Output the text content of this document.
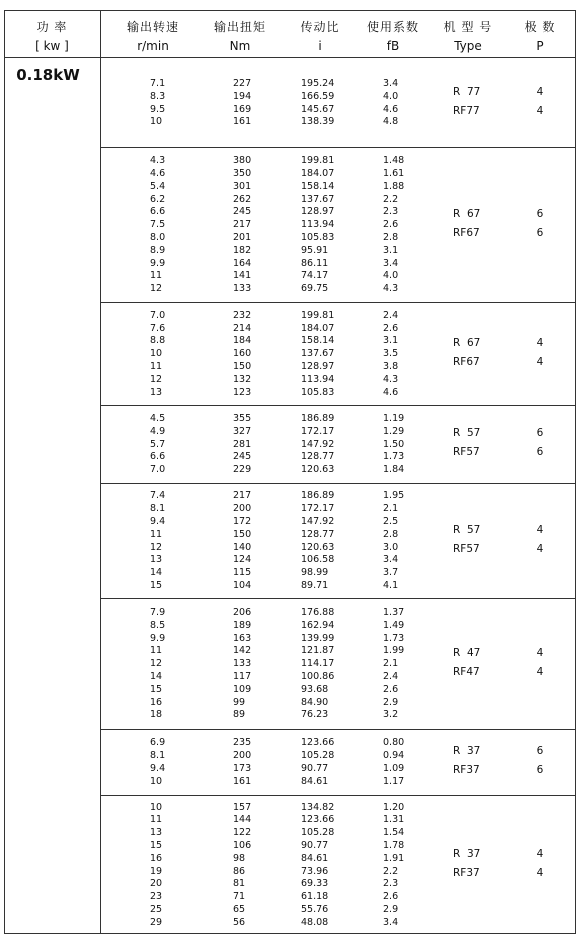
功 率
[ kw ]
输出转速
r/min
输出扭矩
Nm
传动比
i
使用系数
fB
机 型 号
Type
极 数
P
0.18kW	7.1
8.3
9.5
10
227
194
169
161
195.24
166.59
145.67
138.39
3.4
4.0
4.6
4.8
R  77
RF77
4
4
4.3
4.6
5.4
6.2
6.6
7.5
8.0
8.9
9.9
11
12
380
350
301
262
245
217
201
182
164
141
133
199.81
184.07
158.14
137.67
128.97
113.94
105.83
95.91
86.11
74.17
69.75
1.48
1.61
1.88
2.2
2.3
2.6
2.8
3.1
3.4
4.0
4.3
R  67
RF67
6
6
7.0
7.6
8.8
10
11
12
13
232
214
184
160
150
132
123
199.81
184.07
158.14
137.67
128.97
113.94
105.83
2.4
2.6
3.1
3.5
3.8
4.3
4.6
R  67
RF67
4
4
4.5
4.9
5.7
6.6
7.0
355
327
281
245
229
186.89
172.17
147.92
128.77
120.63
1.19
1.29
1.50
1.73
1.84
R  57
RF57
6
6
7.4
8.1
9.4
11
12
13
14
15
217
200
172
150
140
124
115
104
186.89
172.17
147.92
128.77
120.63
106.58
98.99
89.71
1.95
2.1
2.5
2.8
3.0
3.4
3.7
4.1
R  57
RF57
4
4
7.9
8.5
9.9
11
12
14
15
16
18
206
189
163
142
133
117
109
99
89
176.88
162.94
139.99
121.87
114.17
100.86
93.68
84.90
76.23
1.37
1.49
1.73
1.99
2.1
2.4
2.6
2.9
3.2
R  47
RF47
4
4
6.9
8.1
9.4
10
235
200
173
161
123.66
105.28
90.77
84.61
0.80
0.94
1.09
1.17
R  37
RF37
6
6
10
11
13
15
16
19
20
23
25
29
157
144
122
106
98
86
81
71
65
56
134.82
123.66
105.28
90.77
84.61
73.96
69.33
61.18
55.76
48.08
1.20
1.31
1.54
1.78
1.91
2.2
2.3
2.6
2.9
3.4
R  37
RF37
4
4
